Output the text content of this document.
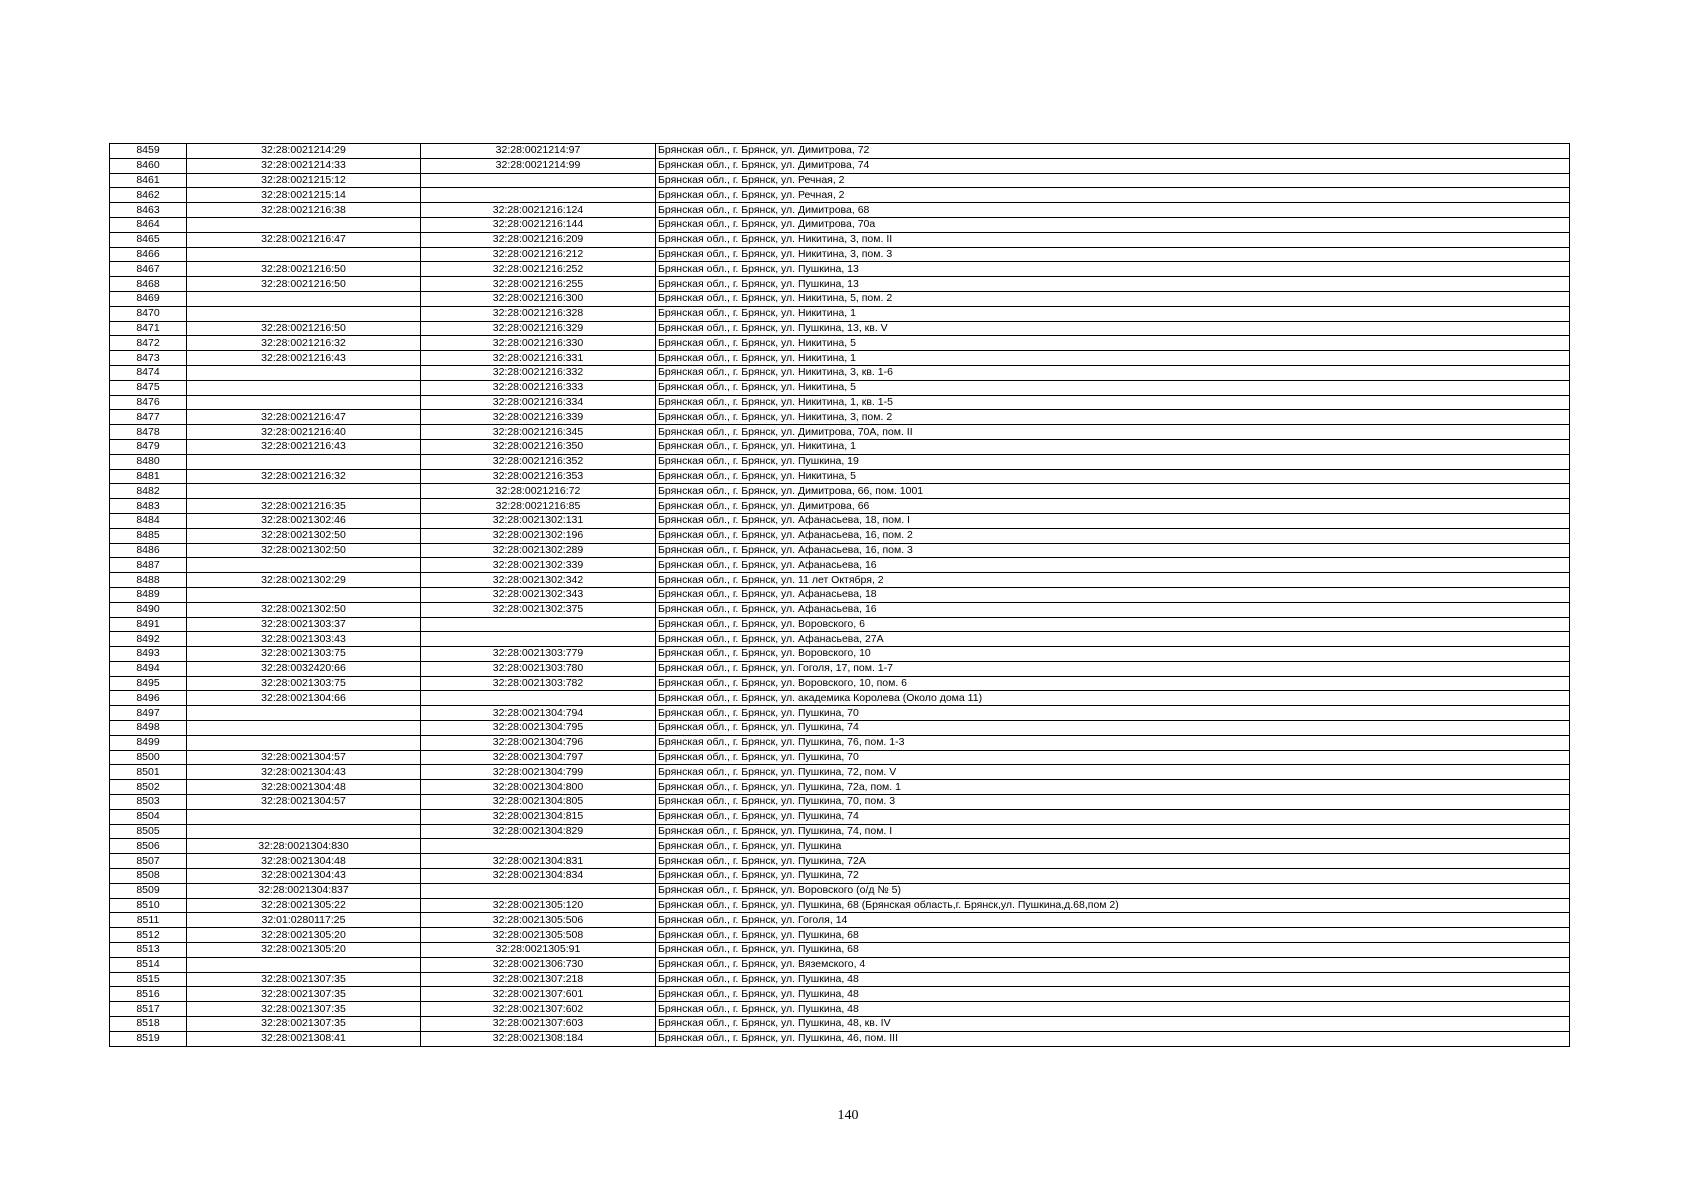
8459	32:28:0021214:29	32:28:0021214:97	Брянская обл., г. Брянск, ул. Димитрова, 72
8460	32:28:0021214:33	32:28:0021214:99	Брянская обл., г. Брянск, ул. Димитрова, 74
8461	32:28:0021215:12		Брянская обл., г. Брянск, ул. Речная, 2
8462	32:28:0021215:14		Брянская обл., г. Брянск, ул. Речная, 2
8463	32:28:0021216:38	32:28:0021216:124	Брянская обл., г. Брянск, ул. Димитрова, 68
8464		32:28:0021216:144	Брянская обл., г. Брянск, ул. Димитрова, 70а
8465	32:28:0021216:47	32:28:0021216:209	Брянская обл., г. Брянск, ул. Никитина, 3, пом. II
8466		32:28:0021216:212	Брянская обл., г. Брянск, ул. Никитина, 3, пом. 3
8467	32:28:0021216:50	32:28:0021216:252	Брянская обл., г. Брянск, ул. Пушкина, 13
8468	32:28:0021216:50	32:28:0021216:255	Брянская обл., г. Брянск, ул. Пушкина, 13
8469		32:28:0021216:300	Брянская обл., г. Брянск, ул. Никитина, 5, пом. 2
8470		32:28:0021216:328	Брянская обл., г. Брянск, ул. Никитина, 1
8471	32:28:0021216:50	32:28:0021216:329	Брянская обл., г. Брянск, ул. Пушкина, 13, кв. V
8472	32:28:0021216:32	32:28:0021216:330	Брянская обл., г. Брянск, ул. Никитина, 5
8473	32:28:0021216:43	32:28:0021216:331	Брянская обл., г. Брянск, ул. Никитина, 1
8474		32:28:0021216:332	Брянская обл., г. Брянск, ул. Никитина, 3, кв. 1-6
8475		32:28:0021216:333	Брянская обл., г. Брянск, ул. Никитина, 5
8476		32:28:0021216:334	Брянская обл., г. Брянск, ул. Никитина, 1, кв. 1-5
8477	32:28:0021216:47	32:28:0021216:339	Брянская обл., г. Брянск, ул. Никитина, 3, пом. 2
8478	32:28:0021216:40	32:28:0021216:345	Брянская обл., г. Брянск, ул. Димитрова, 70А, пом. II
8479	32:28:0021216:43	32:28:0021216:350	Брянская обл., г. Брянск, ул. Никитина, 1
8480		32:28:0021216:352	Брянская обл., г. Брянск, ул. Пушкина, 19
8481	32:28:0021216:32	32:28:0021216:353	Брянская обл., г. Брянск, ул. Никитина, 5
8482		32:28:0021216:72	Брянская обл., г. Брянск, ул. Димитрова, 66, пом. 1001
8483	32:28:0021216:35	32:28:0021216:85	Брянская обл., г. Брянск, ул. Димитрова, 66
8484	32:28:0021302:46	32:28:0021302:131	Брянская обл., г. Брянск, ул. Афанасьева, 18, пом. I
8485	32:28:0021302:50	32:28:0021302:196	Брянская обл., г. Брянск, ул. Афанасьева, 16, пом. 2
8486	32:28:0021302:50	32:28:0021302:289	Брянская обл., г. Брянск, ул. Афанасьева, 16, пом. 3
8487		32:28:0021302:339	Брянская обл., г. Брянск, ул. Афанасьева, 16
8488	32:28:0021302:29	32:28:0021302:342	Брянская обл., г. Брянск, ул. 11 лет Октября, 2
8489		32:28:0021302:343	Брянская обл., г. Брянск, ул. Афанасьева, 18
8490	32:28:0021302:50	32:28:0021302:375	Брянская обл., г. Брянск, ул. Афанасьева, 16
8491	32:28:0021303:37		Брянская обл., г. Брянск, ул. Воровского, 6
8492	32:28:0021303:43		Брянская обл., г. Брянск, ул. Афанасьева, 27А
8493	32:28:0021303:75	32:28:0021303:779	Брянская обл., г. Брянск, ул. Воровского, 10
8494	32:28:0032420:66	32:28:0021303:780	Брянская обл., г. Брянск, ул. Гоголя, 17, пом. 1-7
8495	32:28:0021303:75	32:28:0021303:782	Брянская обл., г. Брянск, ул. Воровского, 10, пом. 6
8496	32:28:0021304:66		Брянская обл., г. Брянск, ул. академика Королева (Около дома 11)
8497		32:28:0021304:794	Брянская обл., г. Брянск, ул. Пушкина, 70
8498		32:28:0021304:795	Брянская обл., г. Брянск, ул. Пушкина, 74
8499		32:28:0021304:796	Брянская обл., г. Брянск, ул. Пушкина, 76, пом. 1-3
8500	32:28:0021304:57	32:28:0021304:797	Брянская обл., г. Брянск, ул. Пушкина, 70
8501	32:28:0021304:43	32:28:0021304:799	Брянская обл., г. Брянск, ул. Пушкина, 72, пом. V
8502	32:28:0021304:48	32:28:0021304:800	Брянская обл., г. Брянск, ул. Пушкина, 72а, пом. 1
8503	32:28:0021304:57	32:28:0021304:805	Брянская обл., г. Брянск, ул. Пушкина, 70, пом. 3
8504		32:28:0021304:815	Брянская обл., г. Брянск, ул. Пушкина, 74
8505		32:28:0021304:829	Брянская обл., г. Брянск, ул. Пушкина, 74, пом. I
8506	32:28:0021304:830		Брянская обл., г. Брянск, ул. Пушкина
8507	32:28:0021304:48	32:28:0021304:831	Брянская обл., г. Брянск, ул. Пушкина, 72А
8508	32:28:0021304:43	32:28:0021304:834	Брянская обл., г. Брянск, ул. Пушкина, 72
8509	32:28:0021304:837		Брянская обл., г. Брянск, ул. Воровского (о/д № 5)
8510	32:28:0021305:22	32:28:0021305:120	Брянская обл., г. Брянск, ул. Пушкина, 68 (Брянская область,г. Брянск,ул. Пушкина,д.68,пом 2)
8511	32:01:0280117:25	32:28:0021305:506	Брянская обл., г. Брянск, ул. Гоголя, 14
8512	32:28:0021305:20	32:28:0021305:508	Брянская обл., г. Брянск, ул. Пушкина, 68
8513	32:28:0021305:20	32:28:0021305:91	Брянская обл., г. Брянск, ул. Пушкина, 68
8514		32:28:0021306:730	Брянская обл., г. Брянск, ул. Вяземского, 4
8515	32:28:0021307:35	32:28:0021307:218	Брянская обл., г. Брянск, ул. Пушкина, 48
8516	32:28:0021307:35	32:28:0021307:601	Брянская обл., г. Брянск, ул. Пушкина, 48
8517	32:28:0021307:35	32:28:0021307:602	Брянская обл., г. Брянск, ул. Пушкина, 48
8518	32:28:0021307:35	32:28:0021307:603	Брянская обл., г. Брянск, ул. Пушкина, 48, кв. IV
8519	32:28:0021308:41	32:28:0021308:184	Брянская обл., г. Брянск, ул. Пушкина, 46, пом. III
140
